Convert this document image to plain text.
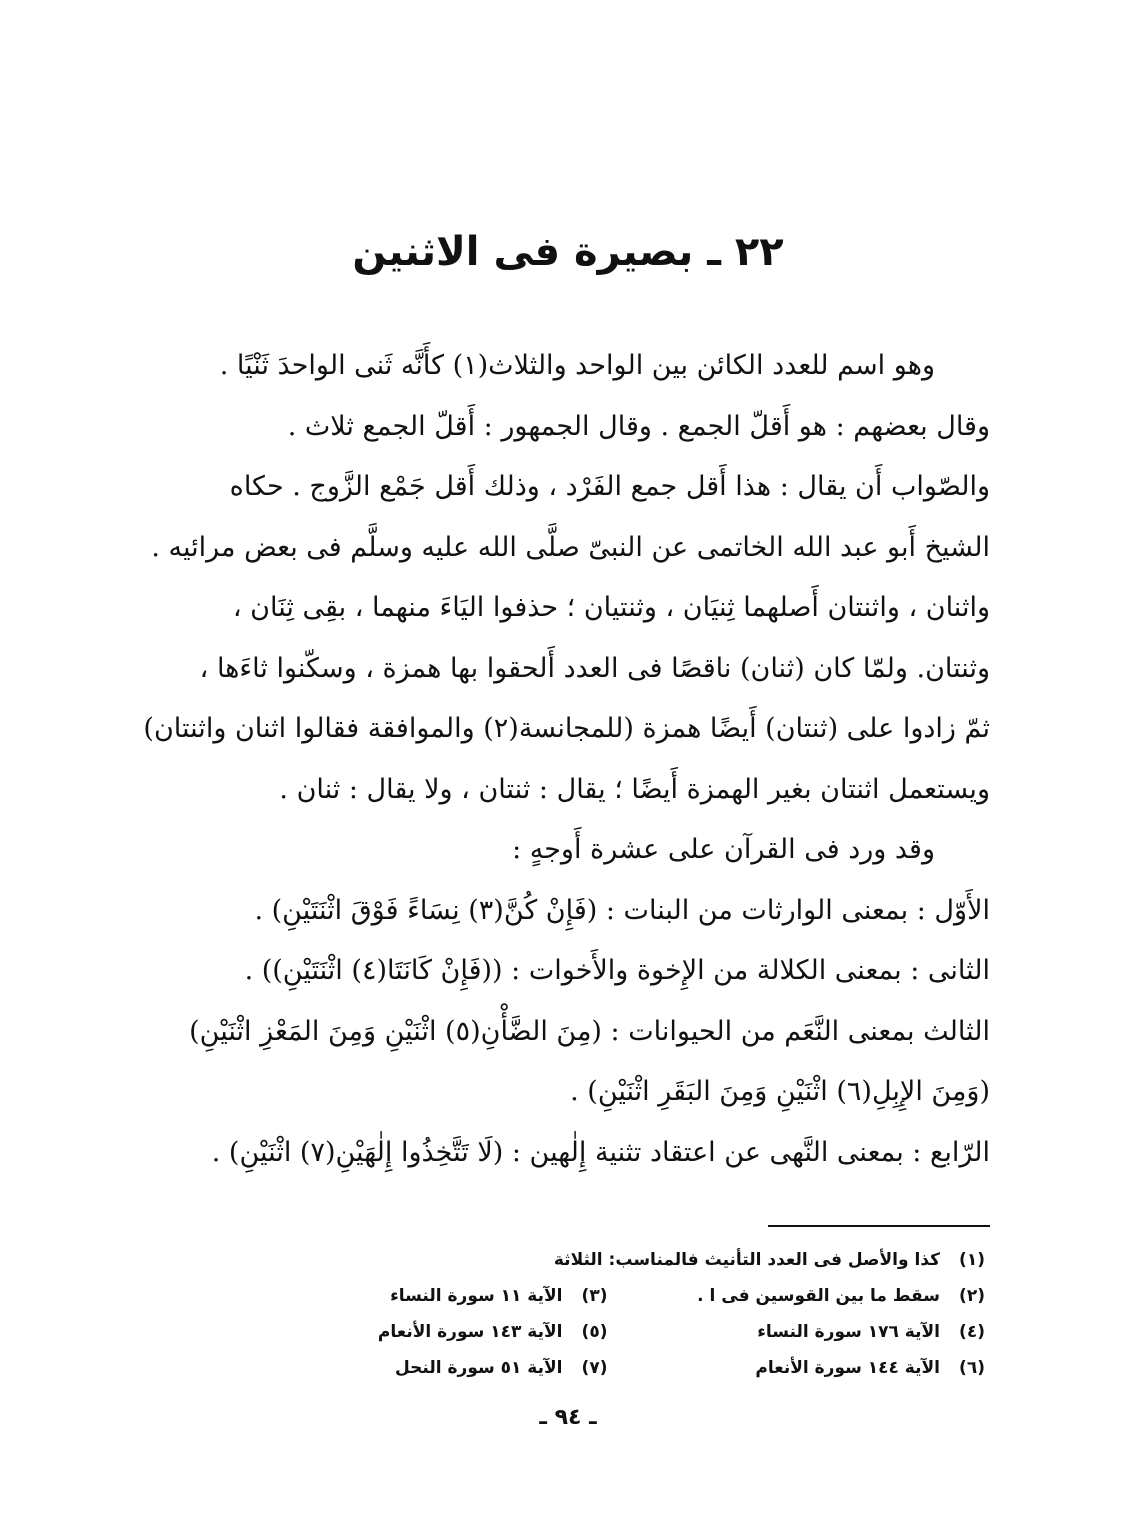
٢٢ ـ بصيرة فى الاثنين
وهو اسم للعدد الكائن بين الواحد والثلاث(١) كأَنَّه ثَنى الواحدَ ثَنْيًا .
وقال بعضهم : هو أَقلّ الجمع . وقال الجمهور : أَقلّ الجمع ثلاث .
والصّواب أَن يقال : هذا أَقل جمع الفَرْد ، وذلك أَقل جَمْع الزَّوج . حكاه
الشيخ أَبو عبد الله الخاتمى عن النبىّ صلَّى الله عليه وسلَّم فى بعض مرائيه .
واثنان ، واثنتان أَصلهما ثِنيَان ، وثنتيان ؛ حذفوا اليَاءَ منهما ، بقِى ثِنَان ،
وثنتان. ولمّا كان (ثنان) ناقصًا فى العدد أَلحقوا بها همزة ، وسكّنوا ثاءَها ،
ثمّ زادوا على (ثنتان) أَيضًا همزة (للمجانسة(٢) والموافقة فقالوا اثنان واثنتان)
ويستعمل اثنتان بغير الهمزة أَيضًا ؛ يقال : ثنتان ، ولا يقال : ثنان .
وقد ورد فى القرآن على عشرة أَوجهٍ :
الأَوّل : بمعنى الوارثات من البنات : (فَإِنْ كُنَّ(٣) نِسَاءً فَوْقَ اثْنَتَيْنِ) .
الثانى : بمعنى الكلالة من الإِخوة والأَخوات : ((فَإِنْ كَانَتَا(٤) اثْنَتَيْنِ)) .
الثالث بمعنى النَّعَم من الحيوانات : (مِنَ الضَّأْنِ(٥) اثْنَيْنِ وَمِنَ المَعْزِ اثْنَيْنِ)
(وَمِنَ الإِبِلِ(٦) اثْنَيْنِ وَمِنَ البَقَرِ اثْنَيْنِ) .
الرّابع : بمعنى النَّهى عن اعتقاد تثنية إِلٰهين : (لَا تَتَّخِذُوا إِلٰهَيْنِ(٧) اثْنَيْنِ) .
(١)
كذا والأصل فى العدد التأنيث فالمناسب: الثلاثة
(٢)
سقط ما بين القوسين فى ا .
(٣)
الآية ١١ سورة النساء
(٤)
الآية ١٧٦ سورة النساء
(٥)
الآية ١٤٣ سورة الأنعام
(٦)
الآية ١٤٤ سورة الأنعام
(٧)
الآية ٥١ سورة النحل
ـ ٩٤ ـ
